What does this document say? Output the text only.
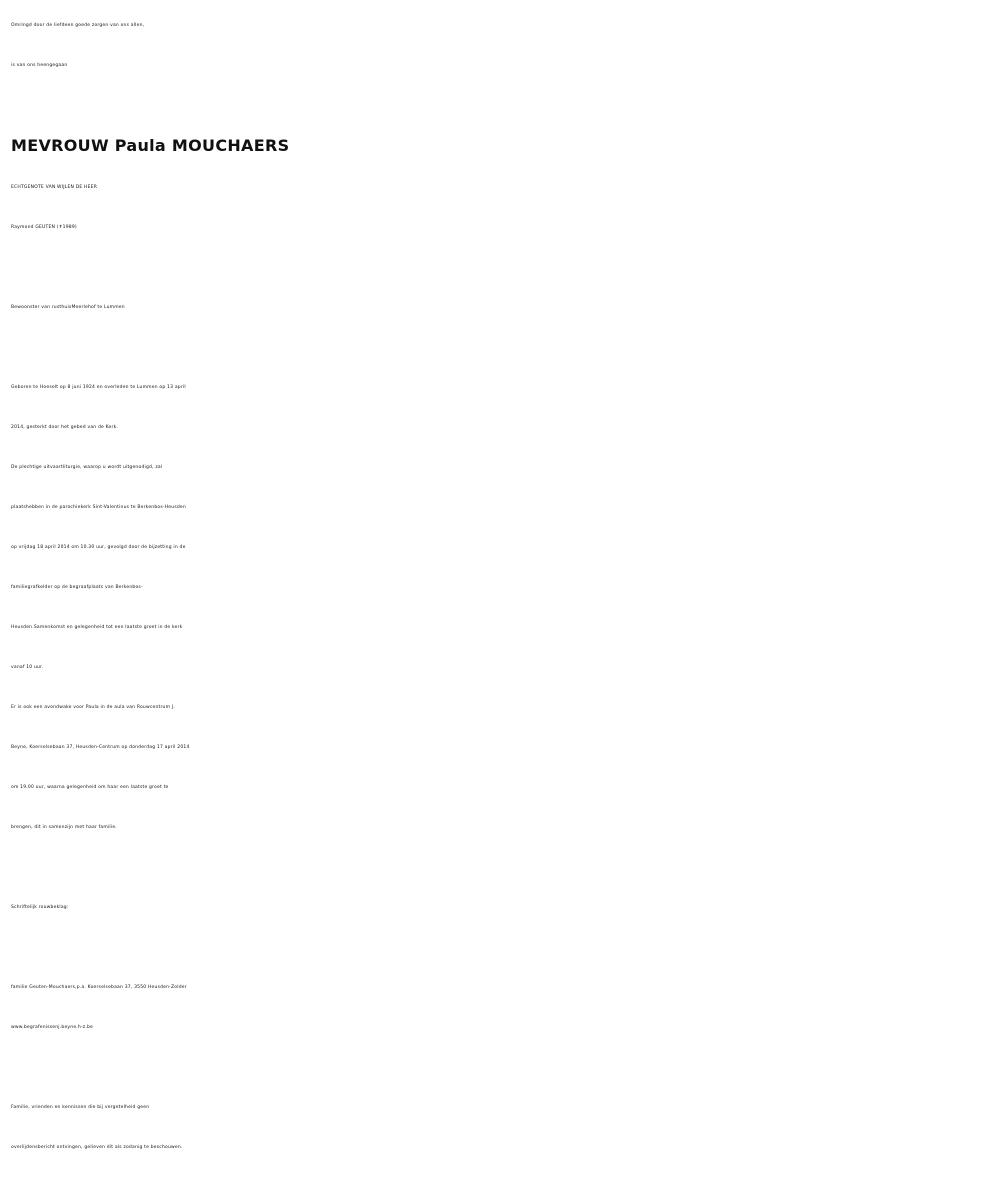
Omringd door de liefdeen goede zorgen van ons allen,
is van ons heengegaan
MEVROUW Paula MOUCHAERS
ECHTGENOTE VAN WIJLEN DE HEER
Raymond GEUTEN (✝1989)
Bewoonster van rusthuisMeerlehof te Lummen
Geboren te Hoeselt op 8 juni 1924 en overleden te Lummen op 13 april
2014, gesterkt door het gebed van de Kerk.
De plechtige uitvaartliturgie, waarop u wordt uitgenodigd, zal
plaatshebben in de parochiekerk Sint-Valentinus te Berkenbos-Heusden
op vrijdag 18 april 2014 om 10.30 uur, gevolgd door de bijzetting in de
familiegrafkelder op de begraafplaats van Berkenbos-
Heusden.Samenkomst en gelegenheid tot een laatste groet in de kerk
vanaf 10 uur.
Er is ook een avondwake voor Paula in de aula van Rouwcentrum J.
Beyne, Koerselsebaan 37, Heusden-Centrum op donderdag 17 april 2014
om 19.00 uur, waarna gelegenheid om haar een laatste groet te
brengen, dit in samenzijn met haar familie.
Schriftelijk rouwbeklag:
familie Geuten-Mouchaers,p.a. Koerselsebaan 37, 3550 Heusden-Zolder
www.begrafenissenj.beyne.h-z.be
Familie, vrienden en kennissen die bij vergetelheid geen
overlijdensbericht ontvingen, gelieven dit als zodanig te beschouwen.
